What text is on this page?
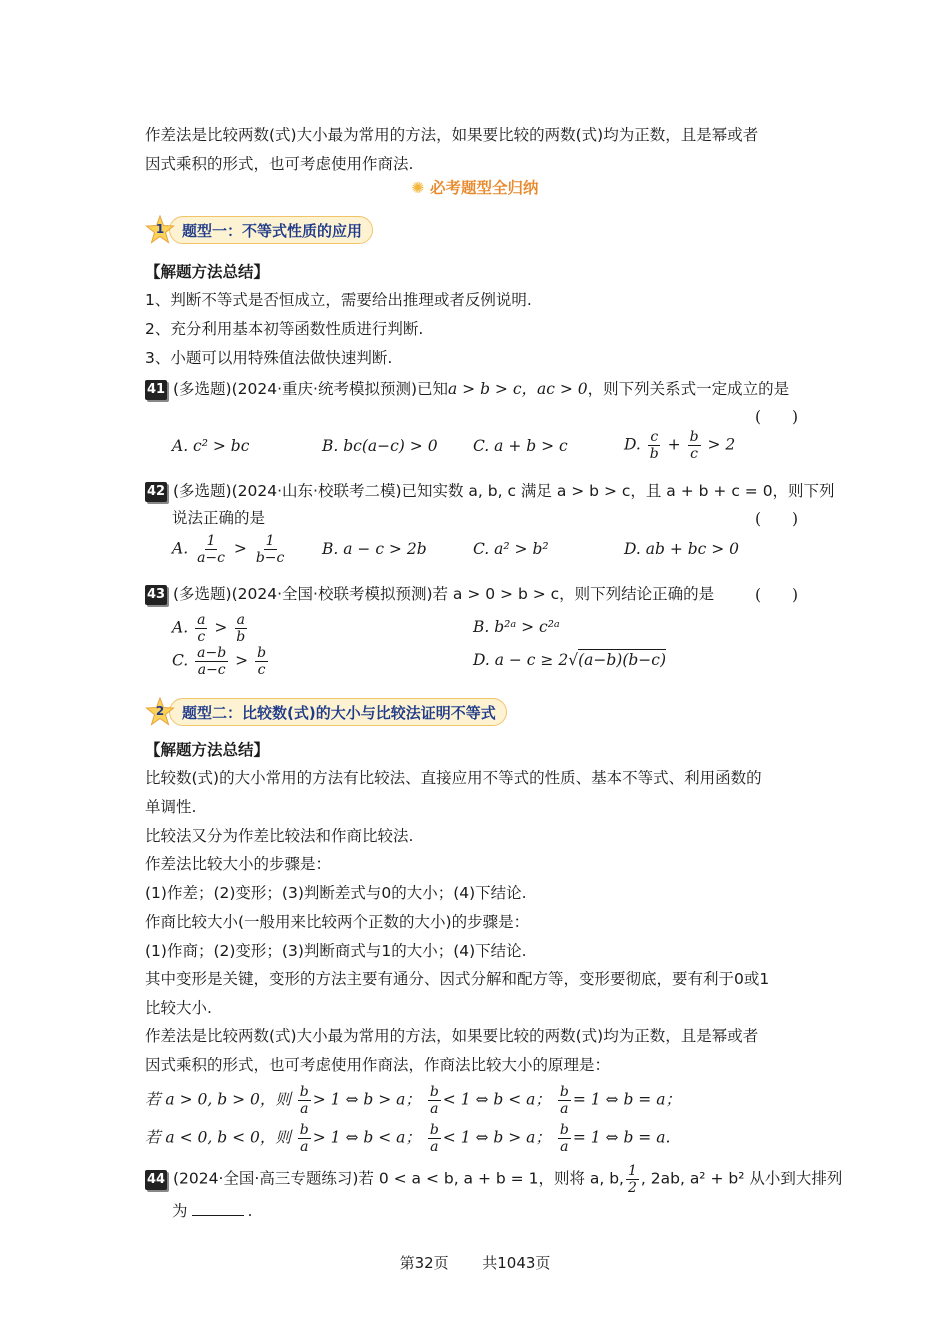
作差法是比较两数(式)大小最为常用的方法，如果要比较的两数(式)均为正数，且是幂或者
因式乘积的形式，也可考虑使用作商法.
✺ 必考题型全归纳
1	题型一：不等式性质的应用
【解题方法总结】
1、判断不等式是否恒成立，需要给出推理或者反例说明.
2、充分利用基本初等函数性质进行判断.
3、小题可以用特殊值法做快速判断.
41 (多选题)(2024·重庆·统考模拟预测)已知a > b > c，ac > 0，则下列关系式一定成立的是
(　　)
A. c² > bc	B. bc(a−c) > 0 C. a + b > c	D. $\frac{c}{b} + \frac{b}{c} > 2$
42 (多选题)(2024·山东·校联考二模)已知实数 a, b, c 满足 a > b > c，且 a + b + c = 0，则下列
说法正确的是	(　　)
A. $\frac{1}{a-c} > \frac{1}{b-c} B$. a − c > 2b	C. a² > b²	D. ab + bc > 0
43 (多选题)(2024·全国·校联考模拟预测)若 a > 0 > b > c，则下列结论正确的是	(　　)
A. $\frac{a}{c} > \frac{a}{b}$	B. b²ᵃ > c²ᵃ
C. $\frac{a-b}{a-c} > \frac{b}{c}$	D. a − c ≥ 2√(a−b)(b−c)
2	题型二：比较数(式)的大小与比较法证明不等式
【解题方法总结】
比较数(式)的大小常用的方法有比较法、直接应用不等式的性质、基本不等式、利用函数的
单调性.
比较法又分为作差比较法和作商比较法.
作差法比较大小的步骤是：
(1)作差；(2)变形；(3)判断差式与0的大小；(4)下结论.
作商比较大小(一般用来比较两个正数的大小)的步骤是：
(1)作商；(2)变形；(3)判断商式与1的大小；(4)下结论.
其中变形是关键，变形的方法主要有通分、因式分解和配方等，变形要彻底，要有利于0或1
比较大小.
作差法是比较两数(式)大小最为常用的方法，如果要比较的两数(式)均为正数，且是幂或者
因式乘积的形式，也可考虑使用作商法，作商法比较大小的原理是：
若 a > 0, b > 0，则 $\frac{b}{a} > 1$ ⇔ b > a； $\frac{b}{a} < 1$ ⇔ b < a； $\frac{b}{a} = 1$ ⇔ b = a；
若 a < 0, b < 0，则 $\frac{b}{a} > 1$ ⇔ b < a； $\frac{b}{a} < 1$ ⇔ b > a； $\frac{b}{a} = 1$ ⇔ b = a.
44 (2024·全国·高三专题练习)若 0 < a < b, a + b = 1，则将 a, b, $\frac{1}{2}$ , 2ab, a² + b² 从小到大排列
为	.
第32页 共1043页
